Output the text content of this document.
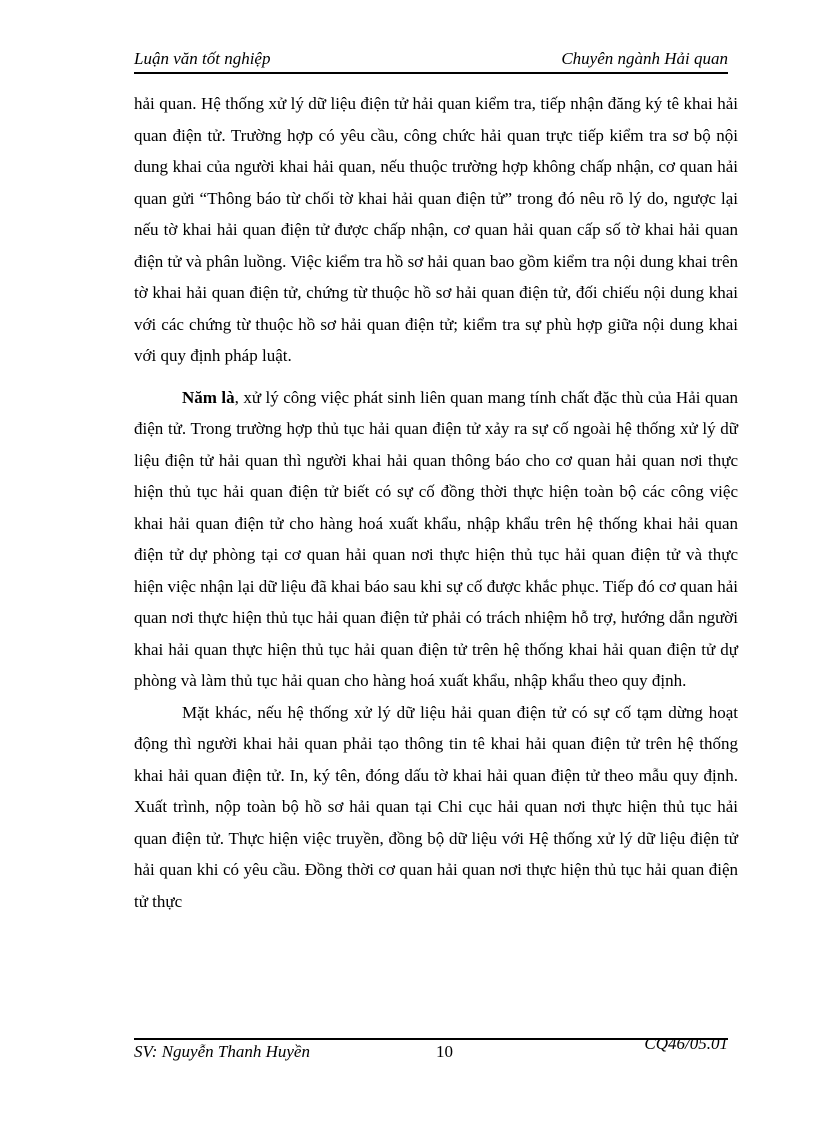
Luận văn tốt nghiệp	Chuyên ngành Hải quan

hải quan. Hệ thống xử lý dữ liệu điện tử hải quan kiểm tra, tiếp nhận đăng ký tê khai hải quan điện tử. Trường hợp có yêu cầu, công chức hải quan trực tiếp kiểm tra sơ bộ nội dung khai của người khai hải quan, nếu thuộc trường hợp không chấp nhận, cơ quan hải quan gửi “Thông báo từ chối tờ khai hải quan điện tử” trong đó nêu rõ lý do, ngược lại nếu tờ khai hải quan điện tử được chấp nhận, cơ quan hải quan cấp số tờ khai hải quan điện tử và phân luồng. Việc kiểm tra hồ sơ hải quan bao gồm kiểm tra nội dung khai trên tờ khai hải quan điện tử, chứng từ thuộc hồ sơ hải quan điện tử, đối chiếu nội dung khai với các chứng từ thuộc hồ sơ hải quan điện tử; kiểm tra sự phù hợp giữa nội dung khai với quy định pháp luật.

Năm là, xử lý công việc phát sinh liên quan mang tính chất đặc thù của Hải quan điện tử. Trong trường hợp thủ tục hải quan điện tử xảy ra sự cố ngoài hệ thống xử lý dữ liệu điện tử hải quan thì người khai hải quan thông báo cho cơ quan hải quan nơi thực hiện thủ tục hải quan điện tử biết có sự cố đồng thời thực hiện toàn bộ các công việc khai hải quan điện tử cho hàng hoá xuất khẩu, nhập khẩu trên hệ thống khai hải quan điện tử dự phòng tại cơ quan hải quan nơi thực hiện thủ tục hải quan điện tử và thực hiện việc nhận lại dữ liệu đã khai báo sau khi sự cố được khắc phục. Tiếp đó cơ quan hải quan nơi thực hiện thủ tục hải quan điện tử phải có trách nhiệm hỗ trợ, hướng dẫn người khai hải quan thực hiện thủ tục hải quan điện tử trên hệ thống khai hải quan điện tử dự phòng và làm thủ tục hải quan cho hàng hoá xuất khẩu, nhập khẩu theo quy định.

Mặt khác, nếu hệ thống xử lý dữ liệu hải quan điện tử có sự cố tạm dừng hoạt động thì người khai hải quan phải tạo thông tin tê khai hải quan điện tử trên hệ thống khai hải quan điện tử. In, ký tên, đóng dấu tờ khai hải quan điện tử theo mẫu quy định. Xuất trình, nộp toàn bộ hồ sơ hải quan tại Chi cục hải quan nơi thực hiện thủ tục hải quan điện tử. Thực hiện việc truyền, đồng bộ dữ liệu với Hệ thống xử lý dữ liệu điện tử hải quan khi có yêu cầu. Đồng thời cơ quan hải quan nơi thực hiện thủ tục hải quan điện tử thực

SV: Nguyễn Thanh Huyền	10	CQ46/05.01
